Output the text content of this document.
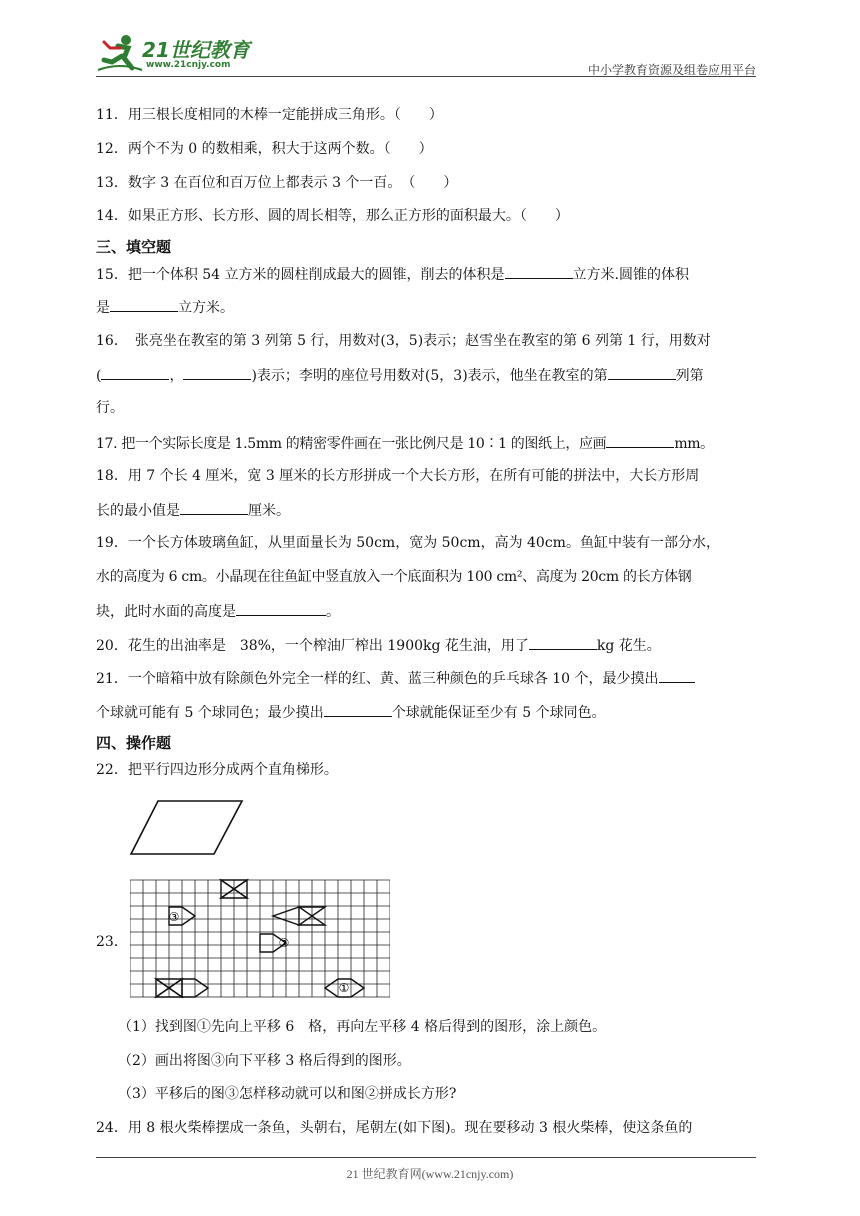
21世纪教育
www.21cnjy.com	中小学教育资源及组卷应用平台
11．用三根长度相同的木棒一定能拼成三角形。（　　）
12．两个不为 0 的数相乘，积大于这两个数。（　　）
13．数字 3 在百位和百万位上都表示 3 个一百。　（　　）
14．如果正方形、长方形、圆的周长相等，那么正方形的面积最大。（　　）
三、填空题
15．把一个体积 54 立方米的圆柱削成最大的圆锥，削去的体积是	立方米.圆锥的体积
是	立方米。
16．　张亮坐在教室的第 3 列第 5 行，用数对(3，5)表示；赵雪坐在教室的第 6 列第 1 行，用数对
(	，	)表示；李明的座位号用数对(5，3)表示，他坐在教室的第	列第
行。
17. 把一个实际长度是 1.5mm 的精密零件画在一张比例尺是 10∶1 的图纸上，应画	mm。
18．用 7 个长 4 厘米，宽 3 厘米的长方形拼成一个大长方形，在所有可能的拼法中，大长方形周
长的最小值是	厘米。
19．一个长方体玻璃鱼缸，从里面量长为 50cm，宽为 50cm，高为 40cm。鱼缸中装有一部分水，
水的高度为 6 cm。小晶现在往鱼缸中竖直放入一个底面积为 100 cm²、高度为 20cm 的长方体钢
块，此时水面的高度是	。
20．花生的出油率是　38%，一个榨油厂榨出 1900kg 花生油，用了	kg 花生。
21．一个暗箱中放有除颜色外完全一样的红、黄、蓝三种颜色的乒乓球各 10 个，最少摸出
个球就可能有 5 个球同色；最少摸出	个球就能保证至少有 5 个球同色。
四、操作题
22．把平行四边形分成两个直角梯形。
23．
③
②
①
（1）找到图①先向上平移 6　格，再向左平移 4 格后得到的图形，涂上颜色。
（2）画出将图③向下平移 3 格后得到的图形。
（3）平移后的图③怎样移动就可以和图②拼成长方形?
24．用 8 根火柴棒摆成一条鱼，头朝右，尾朝左(如下图)。现在要移动 3 根火柴棒，使这条鱼的
21 世纪教育网(www.21cnjy.com)
